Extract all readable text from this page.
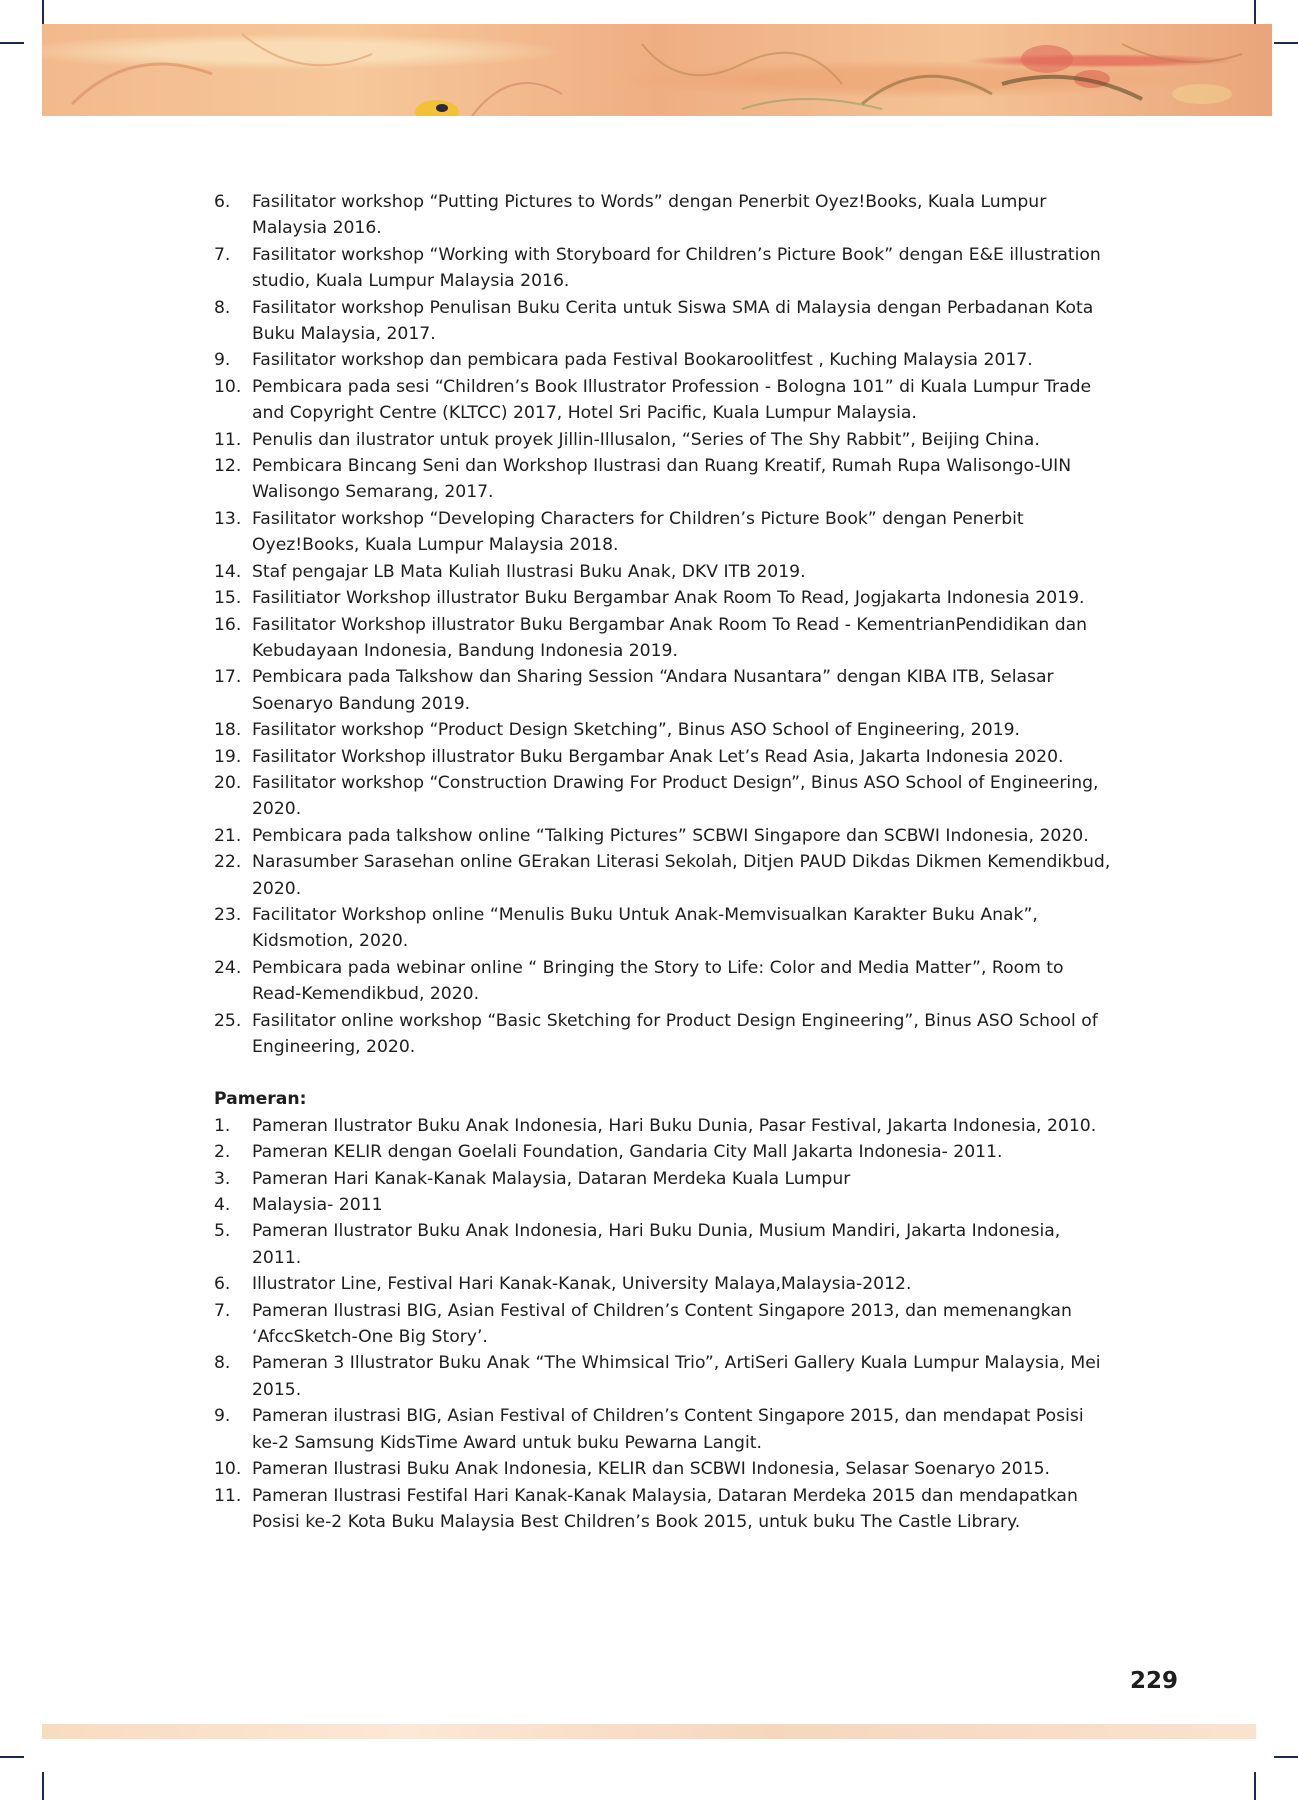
6. Fasilitator workshop “Putting Pictures to Words” dengan Penerbit Oyez!Books, Kuala Lumpur Malaysia 2016.
7. Fasilitator workshop “Working with Storyboard for Children’s Picture Book” dengan E&E illustration studio, Kuala Lumpur Malaysia 2016.
8. Fasilitator workshop Penulisan Buku Cerita untuk Siswa SMA di Malaysia dengan Perbadanan Kota Buku Malaysia, 2017.
9. Fasilitator workshop dan pembicara pada Festival Bookaroolitfest , Kuching Malaysia 2017.
10. Pembicara pada sesi “Children’s Book Illustrator Profession - Bologna 101” di Kuala Lumpur Trade and Copyright Centre (KLTCC) 2017, Hotel Sri Pacific, Kuala Lumpur Malaysia.
11. Penulis dan ilustrator untuk proyek Jillin-Illusalon, “Series of The Shy Rabbit”, Beijing China.
12. Pembicara Bincang Seni dan Workshop Ilustrasi dan Ruang Kreatif, Rumah Rupa Walisongo-UIN Walisongo Semarang, 2017.
13. Fasilitator workshop “Developing Characters for Children’s Picture Book” dengan Penerbit Oyez!Books, Kuala Lumpur Malaysia 2018.
14. Staf pengajar LB Mata Kuliah Ilustrasi Buku Anak, DKV ITB 2019.
15. Fasilitiator Workshop illustrator Buku Bergambar Anak Room To Read, Jogjakarta Indonesia 2019.
16. Fasilitator Workshop illustrator Buku Bergambar Anak Room To Read - KementrianPendidikan dan Kebudayaan Indonesia, Bandung Indonesia 2019.
17. Pembicara pada Talkshow dan Sharing Session “Andara Nusantara” dengan KIBA ITB, Selasar Soenaryo Bandung 2019.
18. Fasilitator workshop “Product Design Sketching”, Binus ASO School of Engineering, 2019.
19. Fasilitator Workshop illustrator Buku Bergambar Anak Let’s Read Asia, Jakarta Indonesia 2020.
20. Fasilitator workshop “Construction Drawing For Product Design”, Binus ASO School of Engineering, 2020.
21. Pembicara pada talkshow online “Talking Pictures” SCBWI Singapore dan SCBWI Indonesia, 2020.
22. Narasumber Sarasehan online GErakan Literasi Sekolah, Ditjen PAUD Dikdas Dikmen Kemendikbud, 2020.
23. Facilitator Workshop online “Menulis Buku Untuk Anak-Memvisualkan Karakter Buku Anak”, Kidsmotion, 2020.
24. Pembicara pada webinar online “ Bringing the Story to Life: Color and Media Matter”, Room to Read-Kemendikbud, 2020.
25. Fasilitator online workshop “Basic Sketching for Product Design Engineering”, Binus ASO School of Engineering, 2020.
Pameran:
1. Pameran Ilustrator Buku Anak Indonesia, Hari Buku Dunia, Pasar Festival, Jakarta Indonesia, 2010.
2. Pameran KELIR dengan Goelali Foundation, Gandaria City Mall Jakarta Indonesia- 2011.
3. Pameran Hari Kanak-Kanak Malaysia, Dataran Merdeka Kuala Lumpur
4. Malaysia- 2011
5. Pameran Ilustrator Buku Anak Indonesia, Hari Buku Dunia, Musium Mandiri, Jakarta Indonesia, 2011.
6. Illustrator Line, Festival Hari Kanak-Kanak, University Malaya,Malaysia-2012.
7. Pameran Ilustrasi BIG, Asian Festival of Children’s Content Singapore 2013, dan memenangkan ‘AfccSketch-One Big Story’.
8. Pameran 3 Illustrator Buku Anak “The Whimsical Trio”, ArtiSeri Gallery Kuala Lumpur Malaysia, Mei 2015.
9. Pameran ilustrasi BIG, Asian Festival of Children’s Content Singapore 2015, dan mendapat Posisi ke-2 Samsung KidsTime Award untuk buku Pewarna Langit.
10. Pameran Ilustrasi Buku Anak Indonesia, KELIR dan SCBWI Indonesia, Selasar Soenaryo 2015.
11. Pameran Ilustrasi Festifal Hari Kanak-Kanak Malaysia, Dataran Merdeka 2015 dan mendapatkan Posisi ke-2 Kota Buku Malaysia Best Children’s Book 2015, untuk buku The Castle Library.
229
